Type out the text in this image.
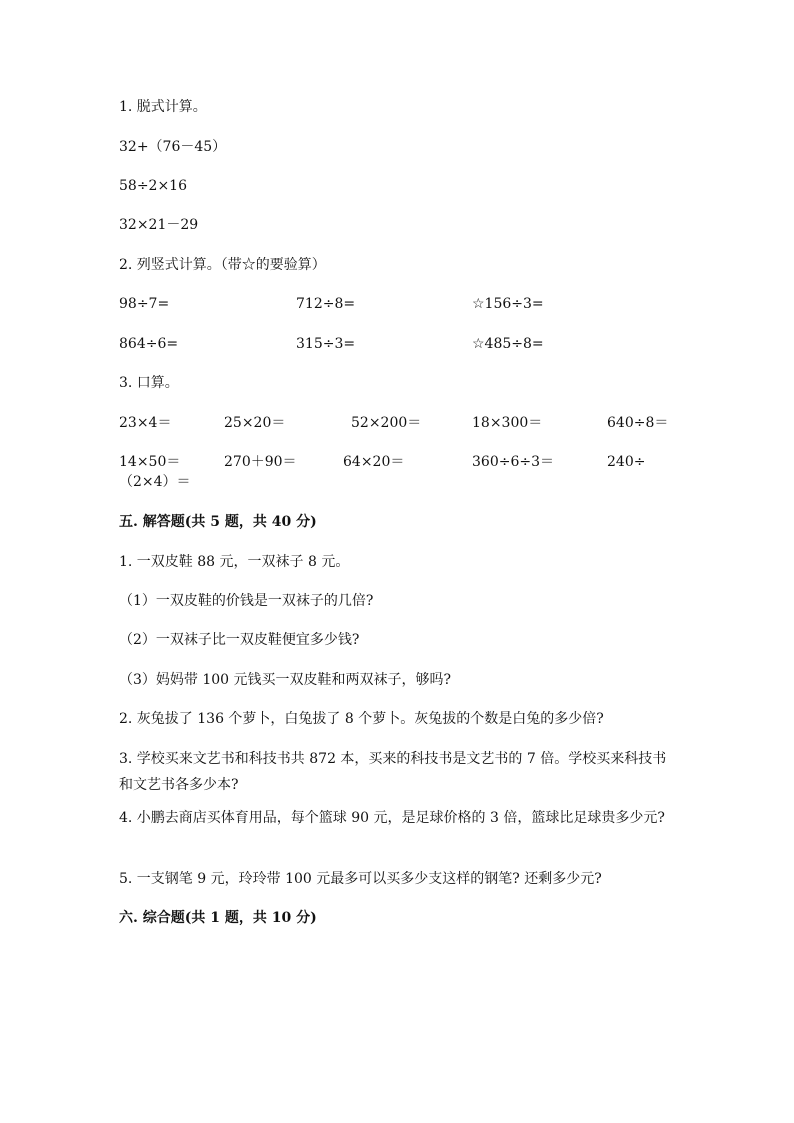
1. 脱式计算。
32+（76－45）
58÷2×16
32×21－29
2. 列竖式计算。（带☆的要验算）
98÷7=	712÷8=	☆156÷3=
864÷6=	315÷3=	☆485÷8=
3. 口算。
23×4＝	25×20＝	52×200＝	18×300＝	640÷8＝
14×50＝	270＋90＝	64×20＝	360÷6÷3＝	240÷
（2×4）＝
五. 解答题(共 5 题，共 40 分)
1. 一双皮鞋 88 元，一双袜子 8 元。
（1）一双皮鞋的价钱是一双袜子的几倍?
（2）一双袜子比一双皮鞋便宜多少钱?
（3）妈妈带 100 元钱买一双皮鞋和两双袜子，够吗?
2. 灰兔拔了 136 个萝卜，白兔拔了 8 个萝卜。灰兔拔的个数是白兔的多少倍?
3. 学校买来文艺书和科技书共 872 本，买来的科技书是文艺书的 7 倍。学校买来科技书和文艺书各多少本?
4. 小鹏去商店买体育用品，每个篮球 90 元，是足球价格的 3 倍，篮球比足球贵多少元?
5. 一支钢笔 9 元，玲玲带 100 元最多可以买多少支这样的钢笔? 还剩多少元?
六. 综合题(共 1 题，共 10 分)
